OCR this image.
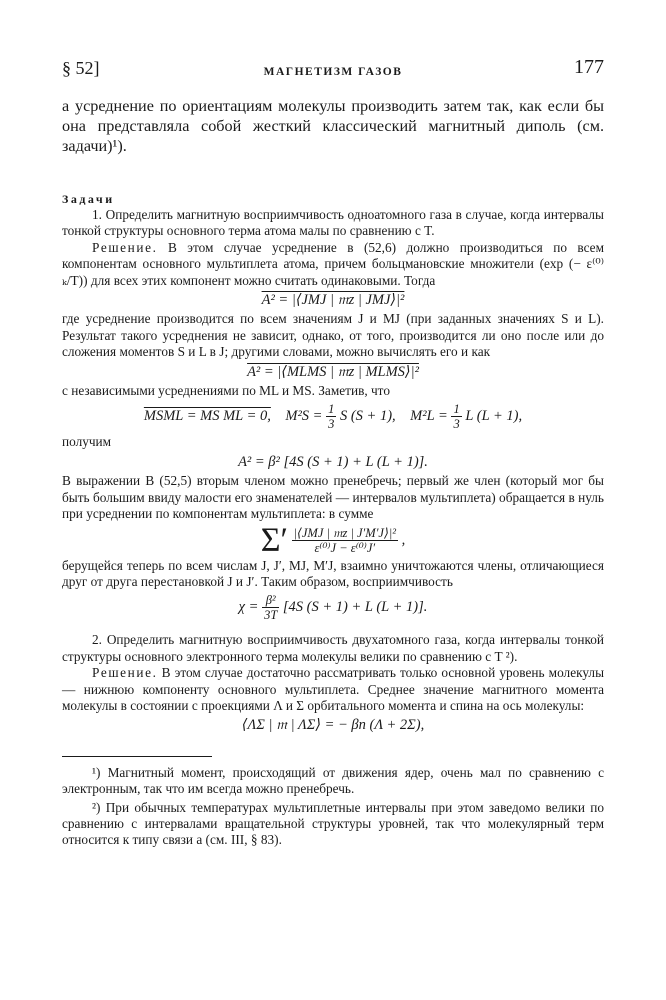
§ 52]	МАГНЕТИЗМ ГАЗОВ	177

а усреднение по ориентациям молекулы производить затем так, как если бы она представляла собой жесткий классический магнитный диполь (см. задачи)¹).

Задачи

1. Определить магнитную восприимчивость одноатомного газа в случае, когда интервалы тонкой структуры основного терма атома малы по сравнению с T.

Решение. В этом случае усреднение в (52,6) должно производиться по всем компонентам основного мультиплета атома, причем больцмановские множители (exp (− ε⁽⁰⁾ₖ/T)) для всех этих компонент можно считать одинаковыми. Тогда

A² = |⟨JMJ | 𝔪z | JMJ⟩|²

где усреднение производится по всем значениям J и MJ (при заданных значениях S и L). Результат такого усреднения не зависит, однако, от того, производится ли оно после или до сложения моментов S и L в J; другими словами, можно вычислять его и как

A² = |⟨MLMS | 𝔪z | MLMS⟩|²

с независимыми усреднениями по ML и MS. Заметив, что

MSML = MS ML = 0, $M^2S = \frac{1}{3}$ S (S + 1), $M^2L = \frac{1}{3}$ L (L + 1),

получим

A² = β² [4S (S + 1) + L (L + 1)].

В выражении B (52,5) вторым членом можно пренебречь; первый же член (который мог бы быть большим ввиду малости его знаменателей — интервалов мультиплета) обращается в нуль при усреднении по компонентам мультиплета: в сумме

$\Sigma' \frac{\text{|⟨JMJ | 𝔪z | J′M′J⟩|²}}{\text{ε⁽⁰⁾J − ε⁽⁰⁾J′}}$ ,

берущейся теперь по всем числам J, J′, MJ, M′J, взаимно уничтожаются члены, отличающиеся друг от друга перестановкой J и J′. Таким образом, восприимчивость

$\chi = \frac{\text{β²}}{3T} [4S$ (S + 1) + L (L + 1)].

2. Определить магнитную восприимчивость двухатомного газа, когда интервалы тонкой структуры основного электронного терма молекулы велики по сравнению с T ²).

Решение. В этом случае достаточно рассматривать только основной уровень молекулы — нижнюю компоненту основного мультиплета. Среднее значение магнитного момента молекулы в состоянии с проекциями Λ и Σ орбитального момента и спина на ось молекулы:

⟨ΛΣ | 𝔪 | ΛΣ⟩ = − βn (Λ + 2Σ),

¹) Магнитный момент, происходящий от движения ядер, очень мал по сравнению с электронным, так что им всегда можно пренебречь.

²) При обычных температурах мультиплетные интервалы при этом заведомо велики по сравнению с интервалами вращательной структуры уровней, так что молекулярный терм относится к типу связи a (см. III, § 83).
